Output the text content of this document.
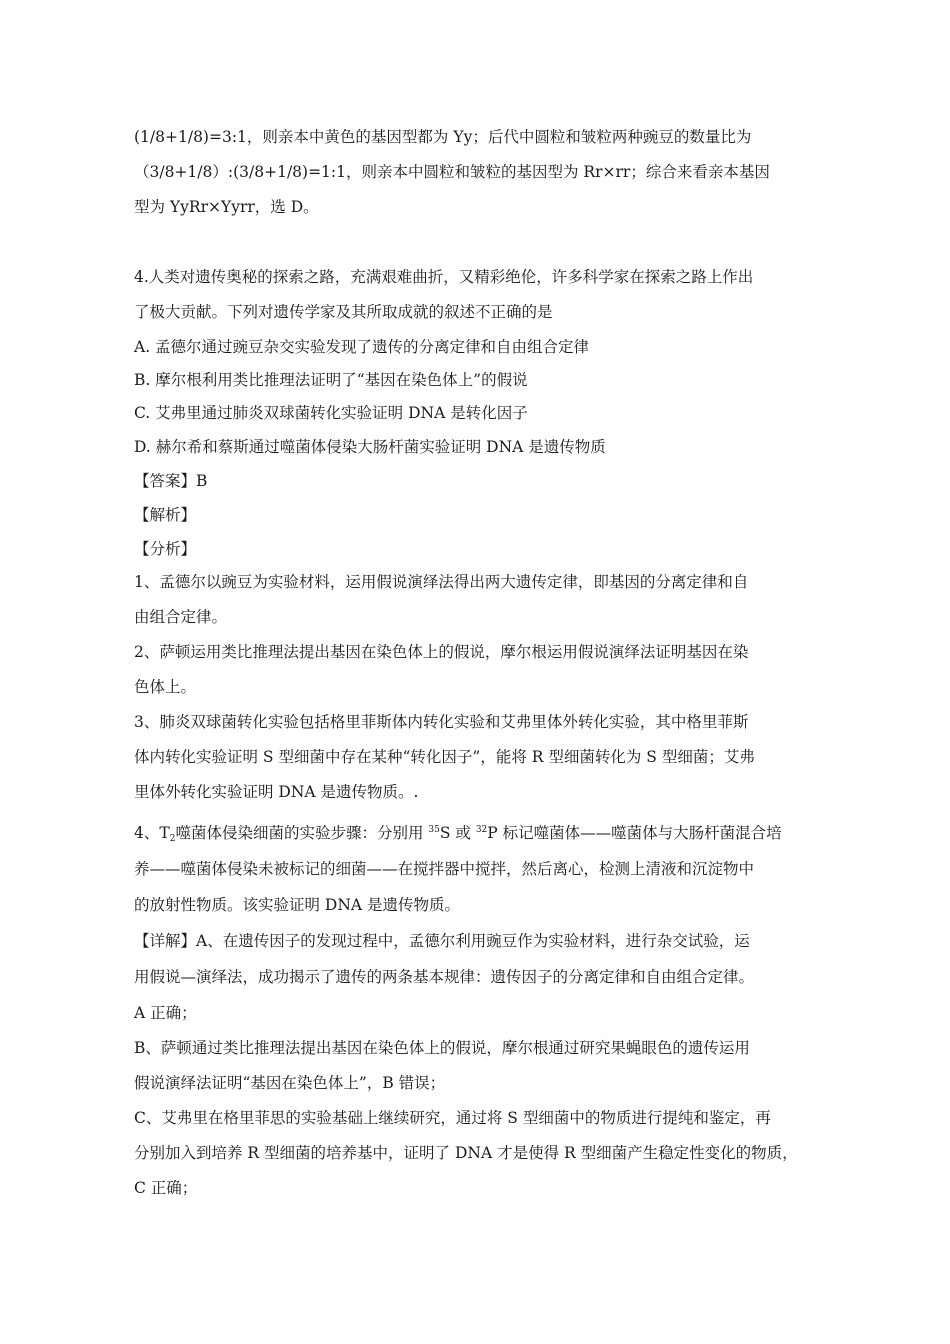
(1/8+1/8)=3:1，则亲本中黄色的基因型都为 Yy；后代中圆粒和皱粒两种豌豆的数量比为
（3/8+1/8）:(3/8+1/8)=1:1，则亲本中圆粒和皱粒的基因型为 Rr×rr；综合来看亲本基因
型为 YyRr×Yyrr，选 D。
4.人类对遗传奥秘的探索之路，充满艰难曲折，又精彩绝伦，许多科学家在探索之路上作出
了极大贡献。下列对遗传学家及其所取成就的叙述不正确的是
A. 孟德尔通过豌豆杂交实验发现了遗传的分离定律和自由组合定律
B. 摩尔根利用类比推理法证明了“基因在染色体上”的假说
C. 艾弗里通过肺炎双球菌转化实验证明 DNA 是转化因子
D. 赫尔希和蔡斯通过噬菌体侵染大肠杆菌实验证明 DNA 是遗传物质
【答案】B
【解析】
【分析】
1、孟德尔以豌豆为实验材料，运用假说演绎法得出两大遗传定律，即基因的分离定律和自
由组合定律。
2、萨顿运用类比推理法提出基因在染色体上的假说，摩尔根运用假说演绎法证明基因在染
色体上。
3、肺炎双球菌转化实验包括格里菲斯体内转化实验和艾弗里体外转化实验，其中格里菲斯
体内转化实验证明 S 型细菌中存在某种“转化因子”，能将 R 型细菌转化为 S 型细菌；艾弗
里体外转化实验证明 DNA 是遗传物质。.
4、$T_2$噬菌体侵染细菌的实验步骤：分别用 $^{35}$S 或 $^{32}$P 标记噬菌体——噬菌体与大肠杆菌混合培
养——噬菌体侵染未被标记的细菌——在搅拌器中搅拌，然后离心，检测上清液和沉淀物中
的放射性物质。该实验证明 DNA 是遗传物质。
【详解】A、在遗传因子的发现过程中，孟德尔利用豌豆作为实验材料，进行杂交试验，运
用假说—演绎法，成功揭示了遗传的两条基本规律：遗传因子的分离定律和自由组合定律。
A 正确；
B、萨顿通过类比推理法提出基因在染色体上的假说，摩尔根通过研究果蝇眼色的遗传运用
假说演绎法证明“基因在染色体上”，B 错误；
C、艾弗里在格里菲思的实验基础上继续研究，通过将 S 型细菌中的物质进行提纯和鉴定，再
分别加入到培养 R 型细菌的培养基中，证明了 DNA 才是使得 R 型细菌产生稳定性变化的物质，
C 正确；
